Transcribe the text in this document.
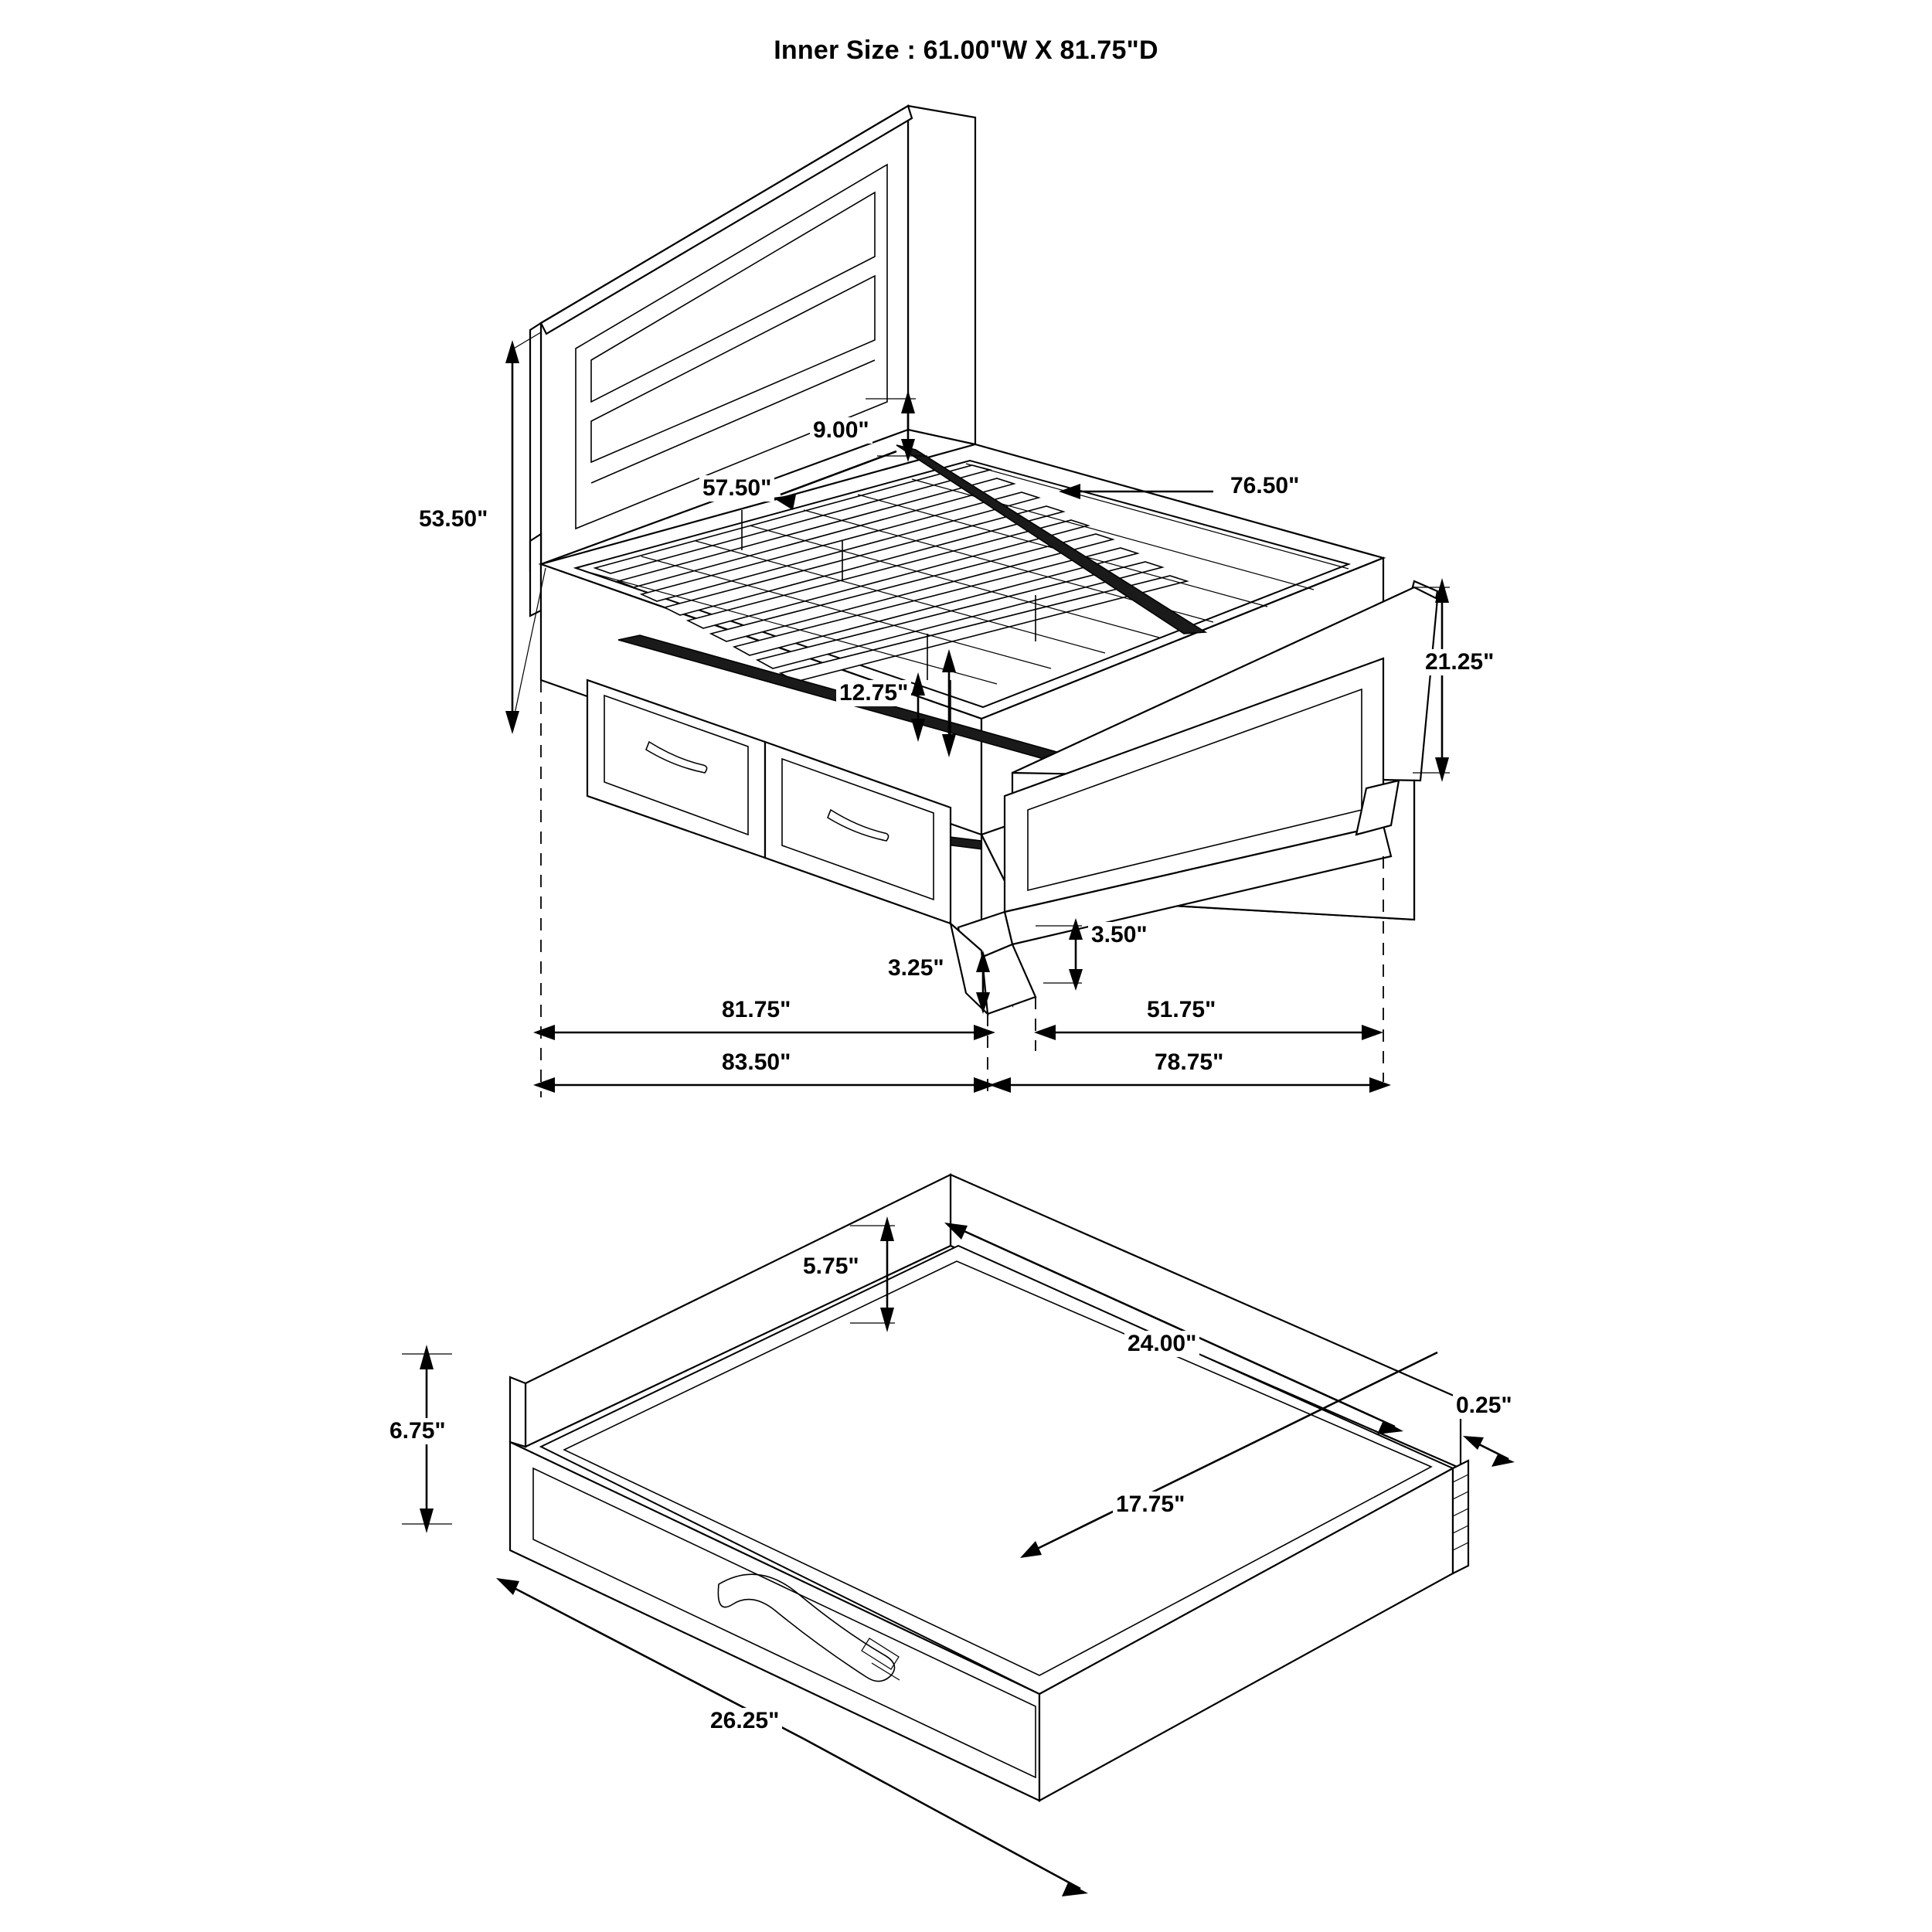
Inner Size : 61.00"W X 81.75"D
53.50"
9.00"
57.50"	76.50"
21.25"
12.75"
3.25"
3.50"
81.75"	51.75"
83.50"	78.75"
5.75"
6.75"
24.00"
17.75"
0.25"
26.25"
